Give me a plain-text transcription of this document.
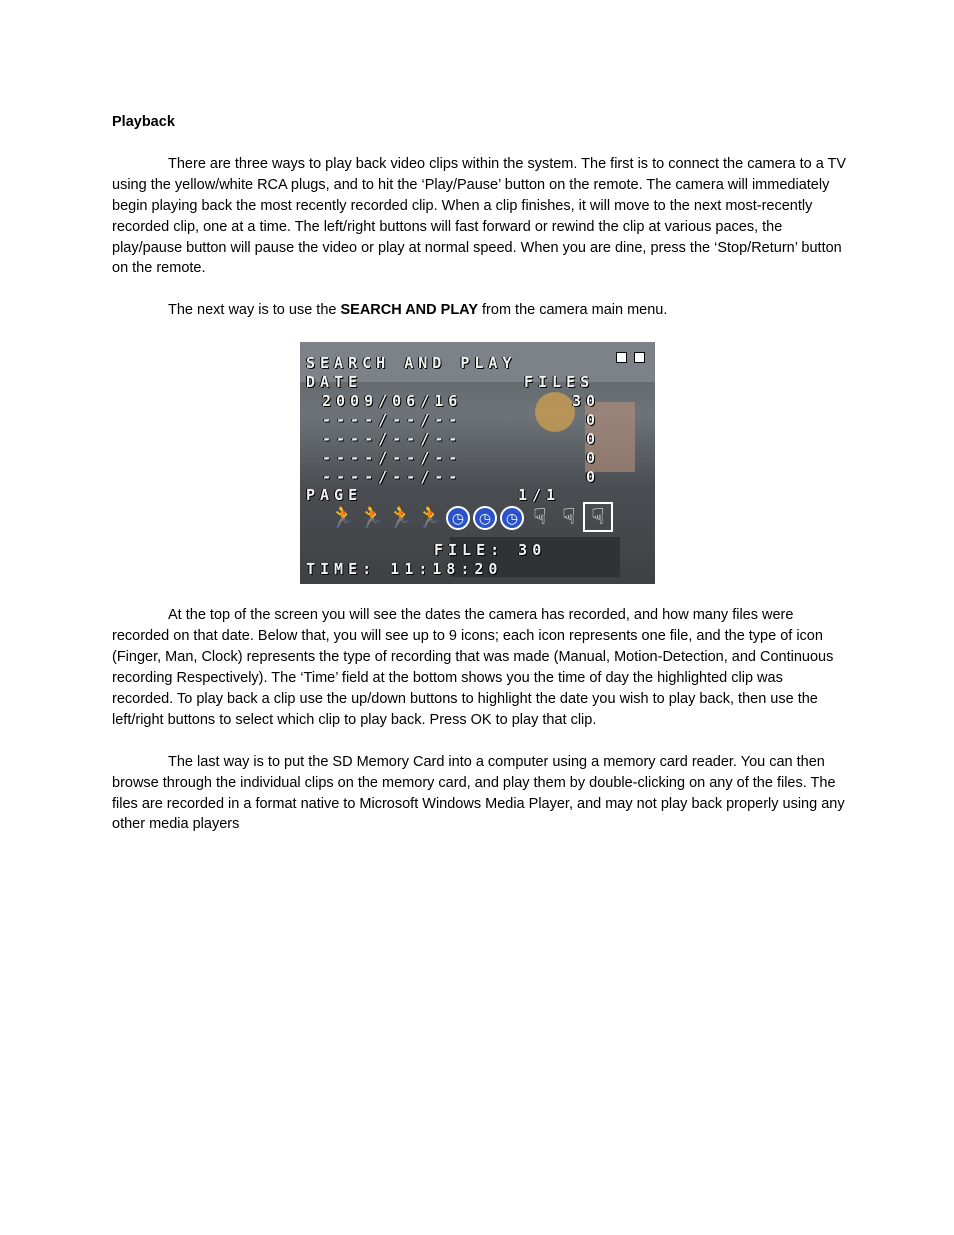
Playback

There are three ways to play back video clips within the system. The first is to connect the camera to a TV using the yellow/white RCA plugs, and to hit the ‘Play/Pause’ button on the remote. The camera will immediately begin playing back the most recently recorded clip. When a clip finishes, it will move to the next most-recently recorded clip, one at a time. The left/right buttons will fast forward or rewind the clip at various paces, the play/pause button will pause the video or play at normal speed. When you are dine, press the ‘Stop/Return’ button on the remote.

The next way is to use the SEARCH AND PLAY from the camera main menu.

SEARCH AND PLAY
DATE	FILES
2009/06/16	30
----/--/--	0
----/--/--	0
----/--/--	0
----/--/--	0
PAGE	1/1
🏃 🏃 🏃 🏃 ◷	◷	◷ ☟ ☟ ☟
FILE: 30
TIME: 11:18:20

At the top of the screen you will see the dates the camera has recorded, and how many files were recorded on that date. Below that, you will see up to 9 icons; each icon represents one file, and the type of icon (Finger, Man, Clock) represents the type of recording that was made (Manual, Motion-Detection, and Continuous recording Respectively). The ‘Time’ field at the bottom shows you the time of day the highlighted clip was recorded. To play back a clip use the up/down buttons to highlight the date you wish to play back, then use the left/right buttons to select which clip to play back. Press OK to play that clip.

The last way is to put the SD Memory Card into a computer using a memory card reader. You can then browse through the individual clips on the memory card, and play them by double-clicking on any of the files. The files are recorded in a format native to Microsoft Windows Media Player, and may not play back properly using any other media players
